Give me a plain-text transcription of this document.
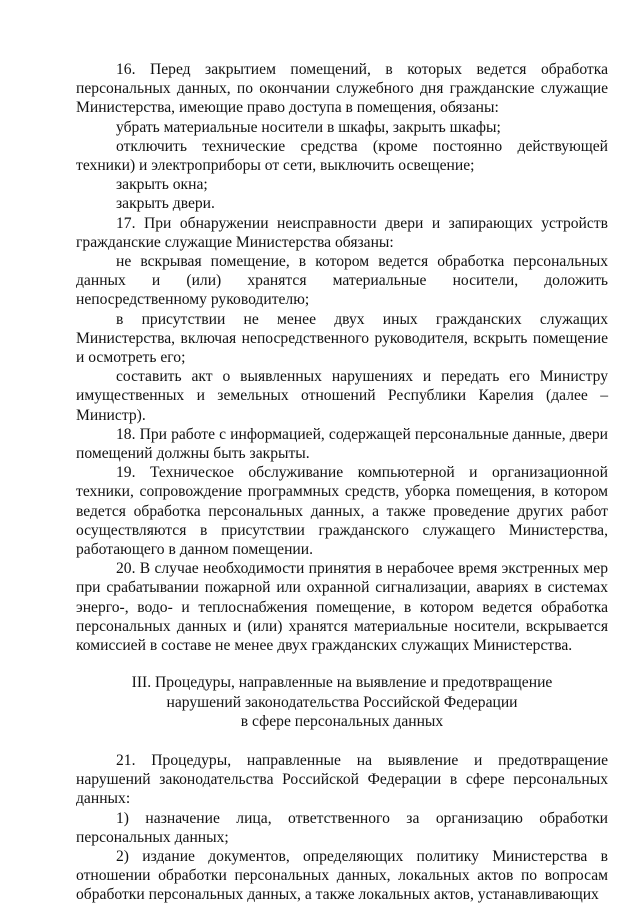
16. Перед закрытием помещений, в которых ведется обработка персональных данных, по окончании служебного дня гражданские служащие Министерства, имеющие право доступа в помещения, обязаны:

убрать материальные носители в шкафы, закрыть шкафы;

отключить технические средства (кроме постоянно действующей техники) и электроприборы от сети, выключить освещение;

закрыть окна;

закрыть двери.

17. При обнаружении неисправности двери и запирающих устройств гражданские служащие Министерства обязаны:

не вскрывая помещение, в котором ведется обработка персональных данных и (или) хранятся материальные носители, доложить непосредственному руководителю;

в присутствии не менее двух иных гражданских служащих Министерства, включая непосредственного руководителя, вскрыть помещение и осмотреть его;

составить акт о выявленных нарушениях и передать его Министру имущественных и земельных отношений Республики Карелия (далее – Министр).

18. При работе с информацией, содержащей персональные данные, двери помещений должны быть закрыты.

19. Техническое обслуживание компьютерной и организационной техники, сопровождение программных средств, уборка помещения, в котором ведется обработка персональных данных, а также проведение других работ осуществляются в присутствии гражданского служащего Министерства, работающего в данном помещении.

20. В случае необходимости принятия в нерабочее время экстренных мер при срабатывании пожарной или охранной сигнализации, авариях в системах энерго-, водо- и теплоснабжения помещение, в котором ведется обработка персональных данных и (или) хранятся материальные носители, вскрывается комиссией в составе не менее двух гражданских служащих Министерства.

III. Процедуры, направленные на выявление и предотвращение
нарушений законодательства Российской Федерации
в сфере персональных данных

21. Процедуры, направленные на выявление и предотвращение нарушений законодательства Российской Федерации в сфере персональных данных:

1) назначение лица, ответственного за организацию обработки персональных данных;

2) издание документов, определяющих политику Министерства в отношении обработки персональных данных, локальных актов по вопросам обработки персональных данных, а также локальных актов, устанавливающих
